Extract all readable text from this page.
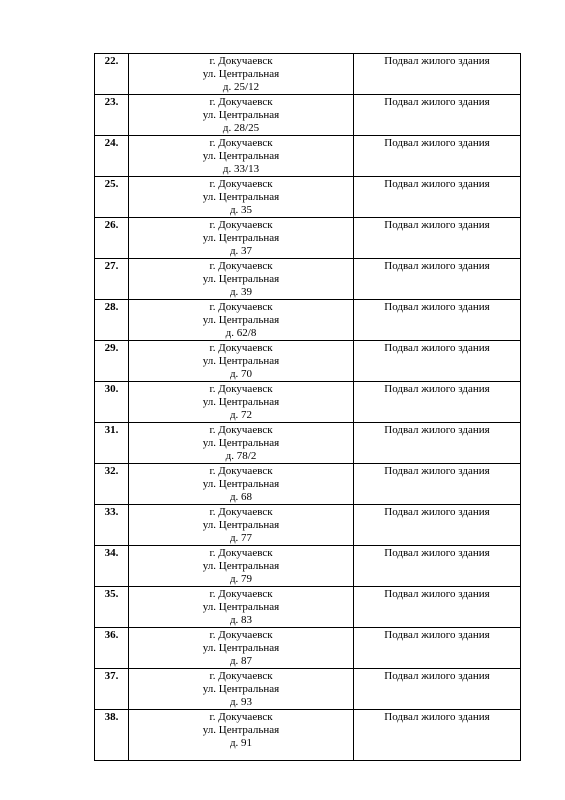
22.	г. Докучаевск
ул. Центральная
д. 25/12	Подвал жилого здания

23.	г. Докучаевск
ул. Центральная
д. 28/25	Подвал жилого здания

24.	г. Докучаевск
ул. Центральная
д. 33/13	Подвал жилого здания

25.	г. Докучаевск
ул. Центральная
д. 35	Подвал жилого здания

26.	г. Докучаевск
ул. Центральная
д. 37	Подвал жилого здания

27.	г. Докучаевск
ул. Центральная
д. 39	Подвал жилого здания

28.	г. Докучаевск
ул. Центральная
д. 62/8	Подвал жилого здания

29.	г. Докучаевск
ул. Центральная
д. 70	Подвал жилого здания

30.	г. Докучаевск
ул. Центральная
д. 72	Подвал жилого здания

31.	г. Докучаевск
ул. Центральная
д. 78/2	Подвал жилого здания

32.	г. Докучаевск
ул. Центральная
д. 68	Подвал жилого здания

33.	г. Докучаевск
ул. Центральная
д. 77	Подвал жилого здания

34.	г. Докучаевск
ул. Центральная
д. 79	Подвал жилого здания

35.	г. Докучаевск
ул. Центральная
д. 83	Подвал жилого здания

36.	г. Докучаевск
ул. Центральная
д. 87	Подвал жилого здания

37.	г. Докучаевск
ул. Центральная
д. 93	Подвал жилого здания

38.	г. Докучаевск
ул. Центральная
д. 91	Подвал жилого здания
